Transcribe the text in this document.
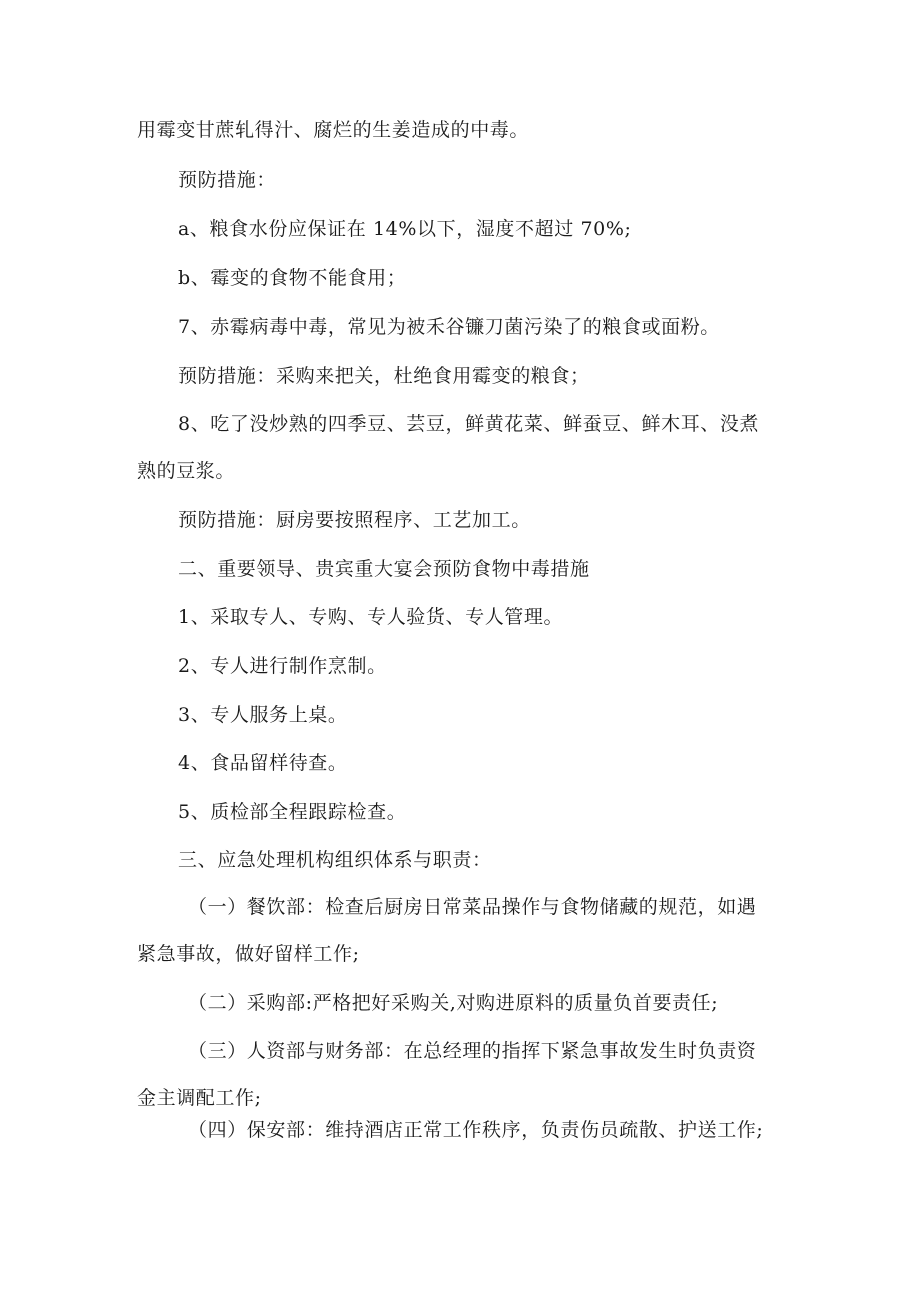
用霉变甘蔗轧得汁、腐烂的生姜造成的中毒。

预防措施：

a、粮食水份应保证在 14%以下，湿度不超过 70%;

b、霉变的食物不能食用；

7、赤霉病毒中毒，常见为被禾谷镰刀菌污染了的粮食或面粉。

预防措施：采购来把关，杜绝食用霉变的粮食；

8、吃了没炒熟的四季豆、芸豆，鲜黄花菜、鲜蚕豆、鲜木耳、没煮

熟的豆浆。

预防措施：厨房要按照程序、工艺加工。

二、重要领导、贵宾重大宴会预防食物中毒措施

1、采取专人、专购、专人验货、专人管理。

2、专人进行制作烹制。

3、专人服务上桌。

4、食品留样待查。

5、质检部全程跟踪检查。

三、应急处理机构组织体系与职责：

（一）餐饮部：检查后厨房日常菜品操作与食物储藏的规范，如遇

紧急事故，做好留样工作;

（二）采购部:严格把好采购关,对购进原料的质量负首要责任;

（三）人资部与财务部：在总经理的指挥下紧急事故发生时负责资

金主调配工作;

（四）保安部：维持酒店正常工作秩序，负责伤员疏散、护送工作;
